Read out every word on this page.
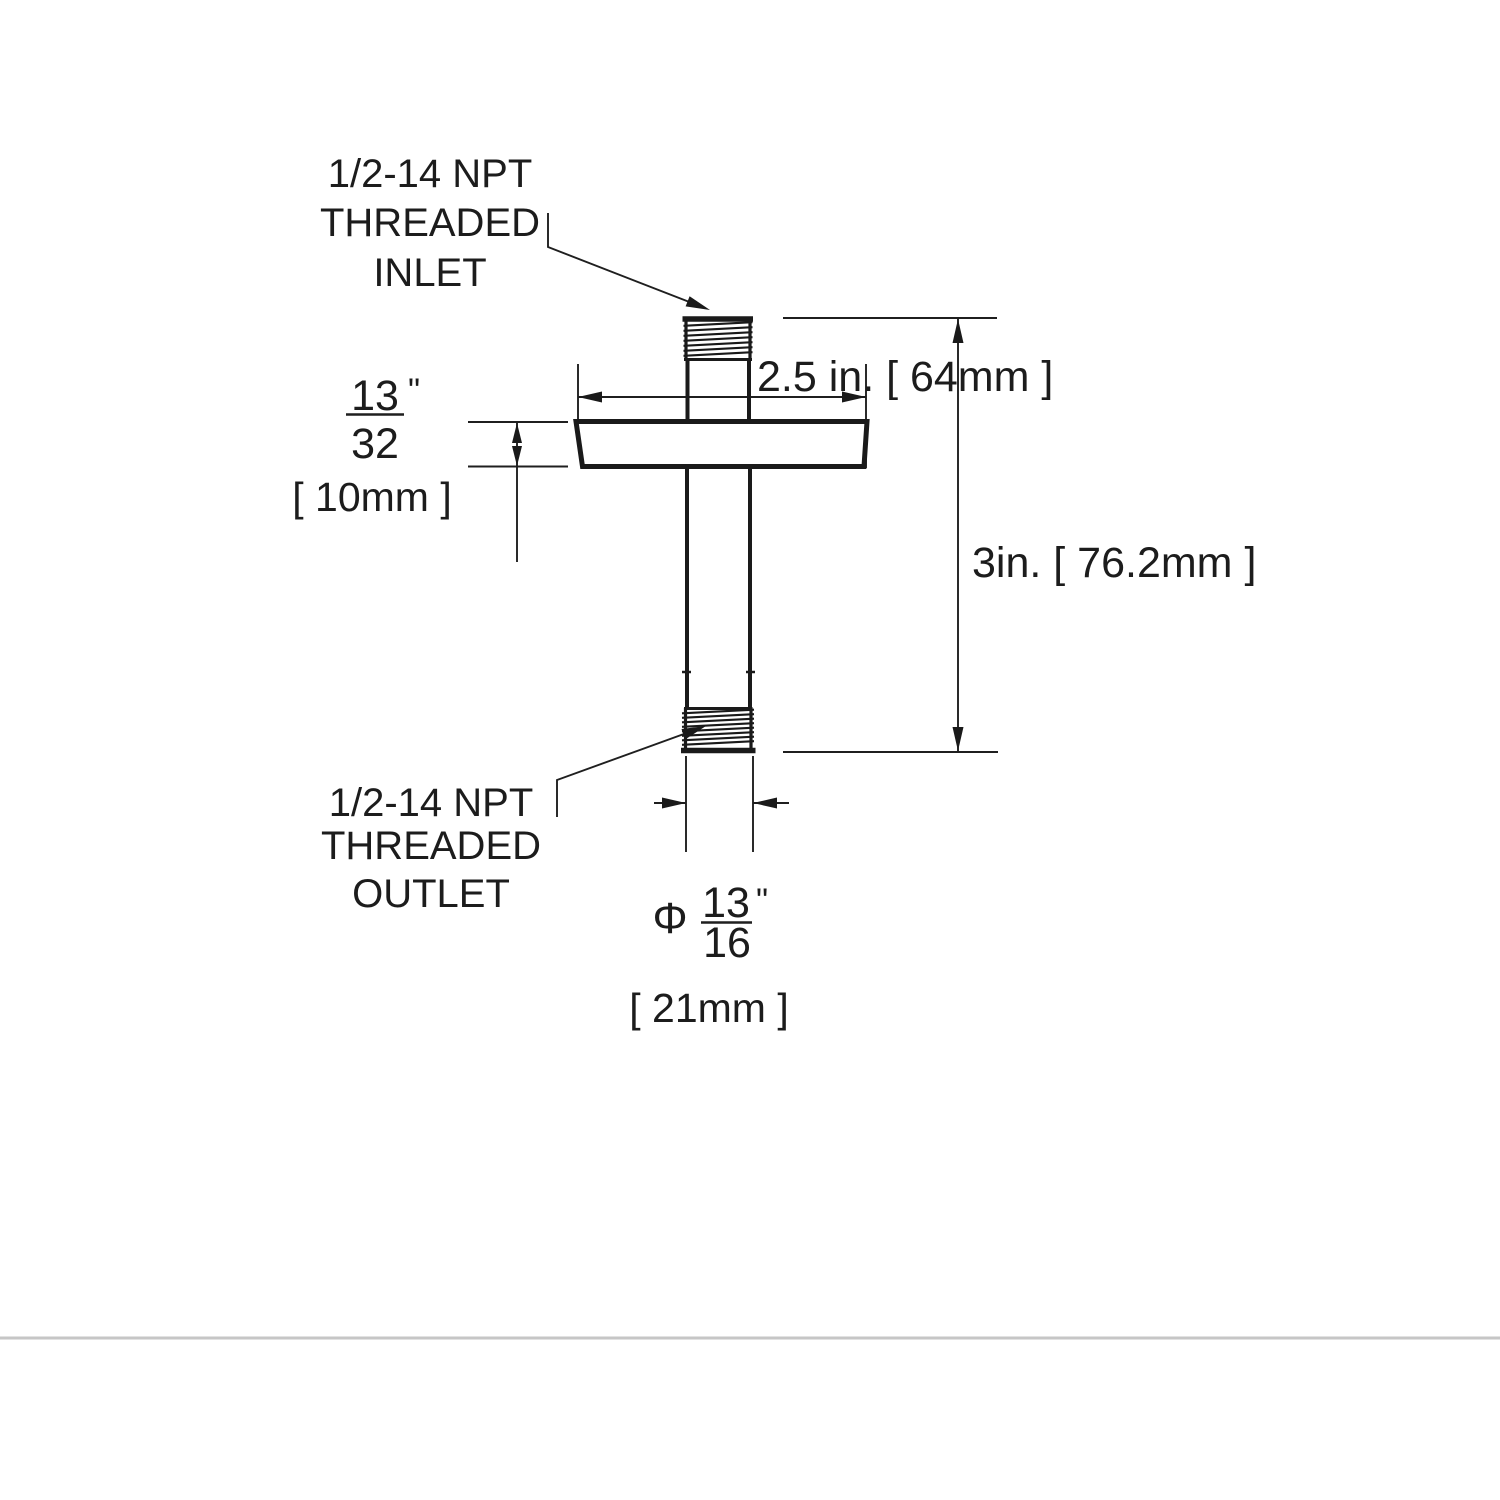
1/2-14 NPT
THREADED
INLET
1/2-14 NPT
THREADED
OUTLET
2.5 in. [ 64mm ]
3in. [ 76.2mm ]
13
32
"
[ 10mm ]
Φ 13
16
"
[ 21mm ]
